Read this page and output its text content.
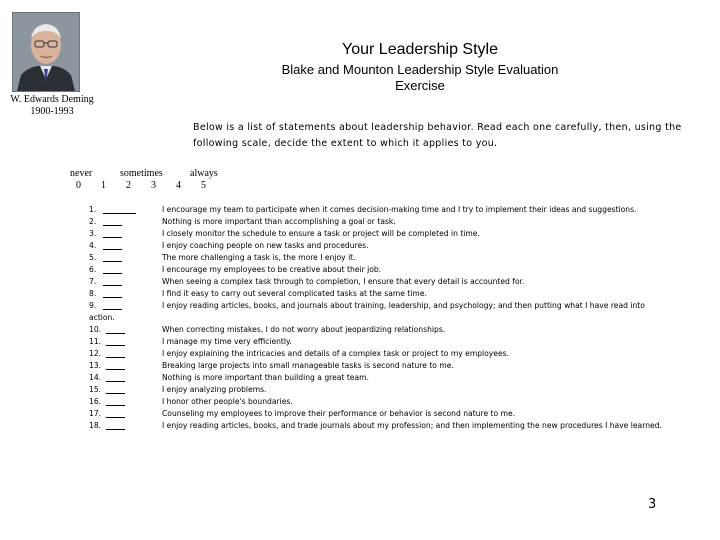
W. Edwards Deming
1900-1993
Your Leadership Style
Blake and Mounton Leadership Style Evaluation Exercise
Below is a list of statements about leadership behavior. Read each one carefully, then, using the following scale, decide the extent to which it applies to you.
never	sometimes	always
0 1 2 3 4 5
1.	I encourage my team to participate when it comes decision-making time and I try to implement their ideas and suggestions.
2.	Nothing is more important than accomplishing a goal or task.
3.	I closely monitor the schedule to ensure a task or project will be completed in time.
4.	I enjoy coaching people on new tasks and procedures.
5.	The more challenging a task is, the more I enjoy it.
6.	I encourage my employees to be creative about their job.
7.	When seeing a complex task through to completion, I ensure that every detail is accounted for.
8.	I find it easy to carry out several complicated tasks at the same time.
9.	I enjoy reading articles, books, and journals about training, leadership, and psychology; and then putting what I have read into
action.
10.	When correcting mistakes, I do not worry about jeopardizing relationships.
11.	I manage my time very efficiently.
12.	I enjoy explaining the intricacies and details of a complex task or project to my employees.
13.	Breaking large projects into small manageable tasks is second nature to me.
14.	Nothing is more important than building a great team.
15.	I enjoy analyzing problems.
16.	I honor other people's boundaries.
17.	Counseling my employees to improve their performance or behavior is second nature to me.
18.	I enjoy reading articles, books, and trade journals about my profession; and then implementing the new procedures I have learned.
3
